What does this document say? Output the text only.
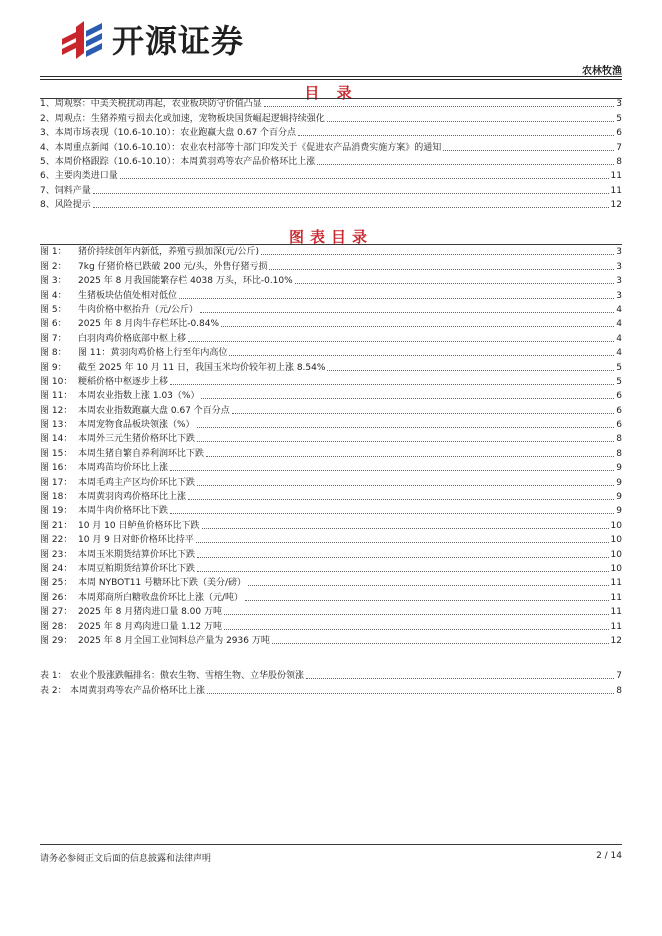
开源证券
农林牧渔
目 录
1、 周观察：中美关税扰动再起，农业板块防守价值凸显	3
2、 周观点：生猪养殖亏损去化或加速，宠物板块国货崛起逻辑持续强化	5
3、 本周市场表现（10.6-10.10）：农业跑赢大盘 0.67 个百分点	6
4、 本周重点新闻（10.6-10.10）：农业农村部等十部门印发关于《促进农产品消费实施方案》的通知	7
5、 本周价格跟踪（10.6-10.10）：本周黄羽鸡等农产品价格环比上涨	8
6、 主要肉类进口量	11
7、 饲料产量	11
8、 风险提示	12
图表目录
图 1：	猪价持续创年内新低，养殖亏损加深(元/公斤)	3
图 2：	7kg 仔猪价格已跌破 200 元/头，外售仔猪亏损	3
图 3：	2025 年 8 月我国能繁存栏 4038 万头，环比-0.10%	3
图 4：	生猪板块估值处相对低位	3
图 5：	牛肉价格中枢抬升（元/公斤）	4
图 6：	2025 年 8 月肉牛存栏环比-0.84%	4
图 7：	白羽肉鸡价格底部中枢上移	4
图 8：	图 11：黄羽肉鸡价格上行至年内高位	4
图 9：	截至 2025 年 10 月 11 日，我国玉米均价较年初上涨 8.54%	5
图 10： 粳稻价格中枢逐步上移	5
图 11： 本周农业指数上涨 1.03（%）	6
图 12： 本周农业指数跑赢大盘 0.67 个百分点	6
图 13： 本周宠物食品板块领涨（%）	6
图 14： 本周外三元生猪价格环比下跌	8
图 15： 本周生猪自繁自养利润环比下跌	8
图 16： 本周鸡苗均价环比上涨	9
图 17： 本周毛鸡主产区均价环比下跌	9
图 18： 本周黄羽肉鸡价格环比上涨	9
图 19： 本周牛肉价格环比下跌	9
图 21： 10 月 10 日鲈鱼价格环比下跌	10
图 22： 10 月 9 日对虾价格环比持平	10
图 23： 本周玉米期货结算价环比下跌	10
图 24： 本周豆粕期货结算价环比下跌	10
图 25： 本周 NYBOT11 号糖环比下跌（美分/磅）	11
图 26： 本周郑商所白糖收盘价环比上涨（元/吨）	11
图 27： 2025 年 8 月猪肉进口量 8.00 万吨	11
图 28： 2025 年 8 月鸡肉进口量 1.12 万吨	11
图 29： 2025 年 8 月全国工业饲料总产量为 2936 万吨	12
表 1： 农业个股涨跌幅排名：傲农生物、雪榕生物、立华股份领涨	7
表 2： 本周黄羽鸡等农产品价格环比上涨	8
请务必参阅正文后面的信息披露和法律声明	2 / 14
